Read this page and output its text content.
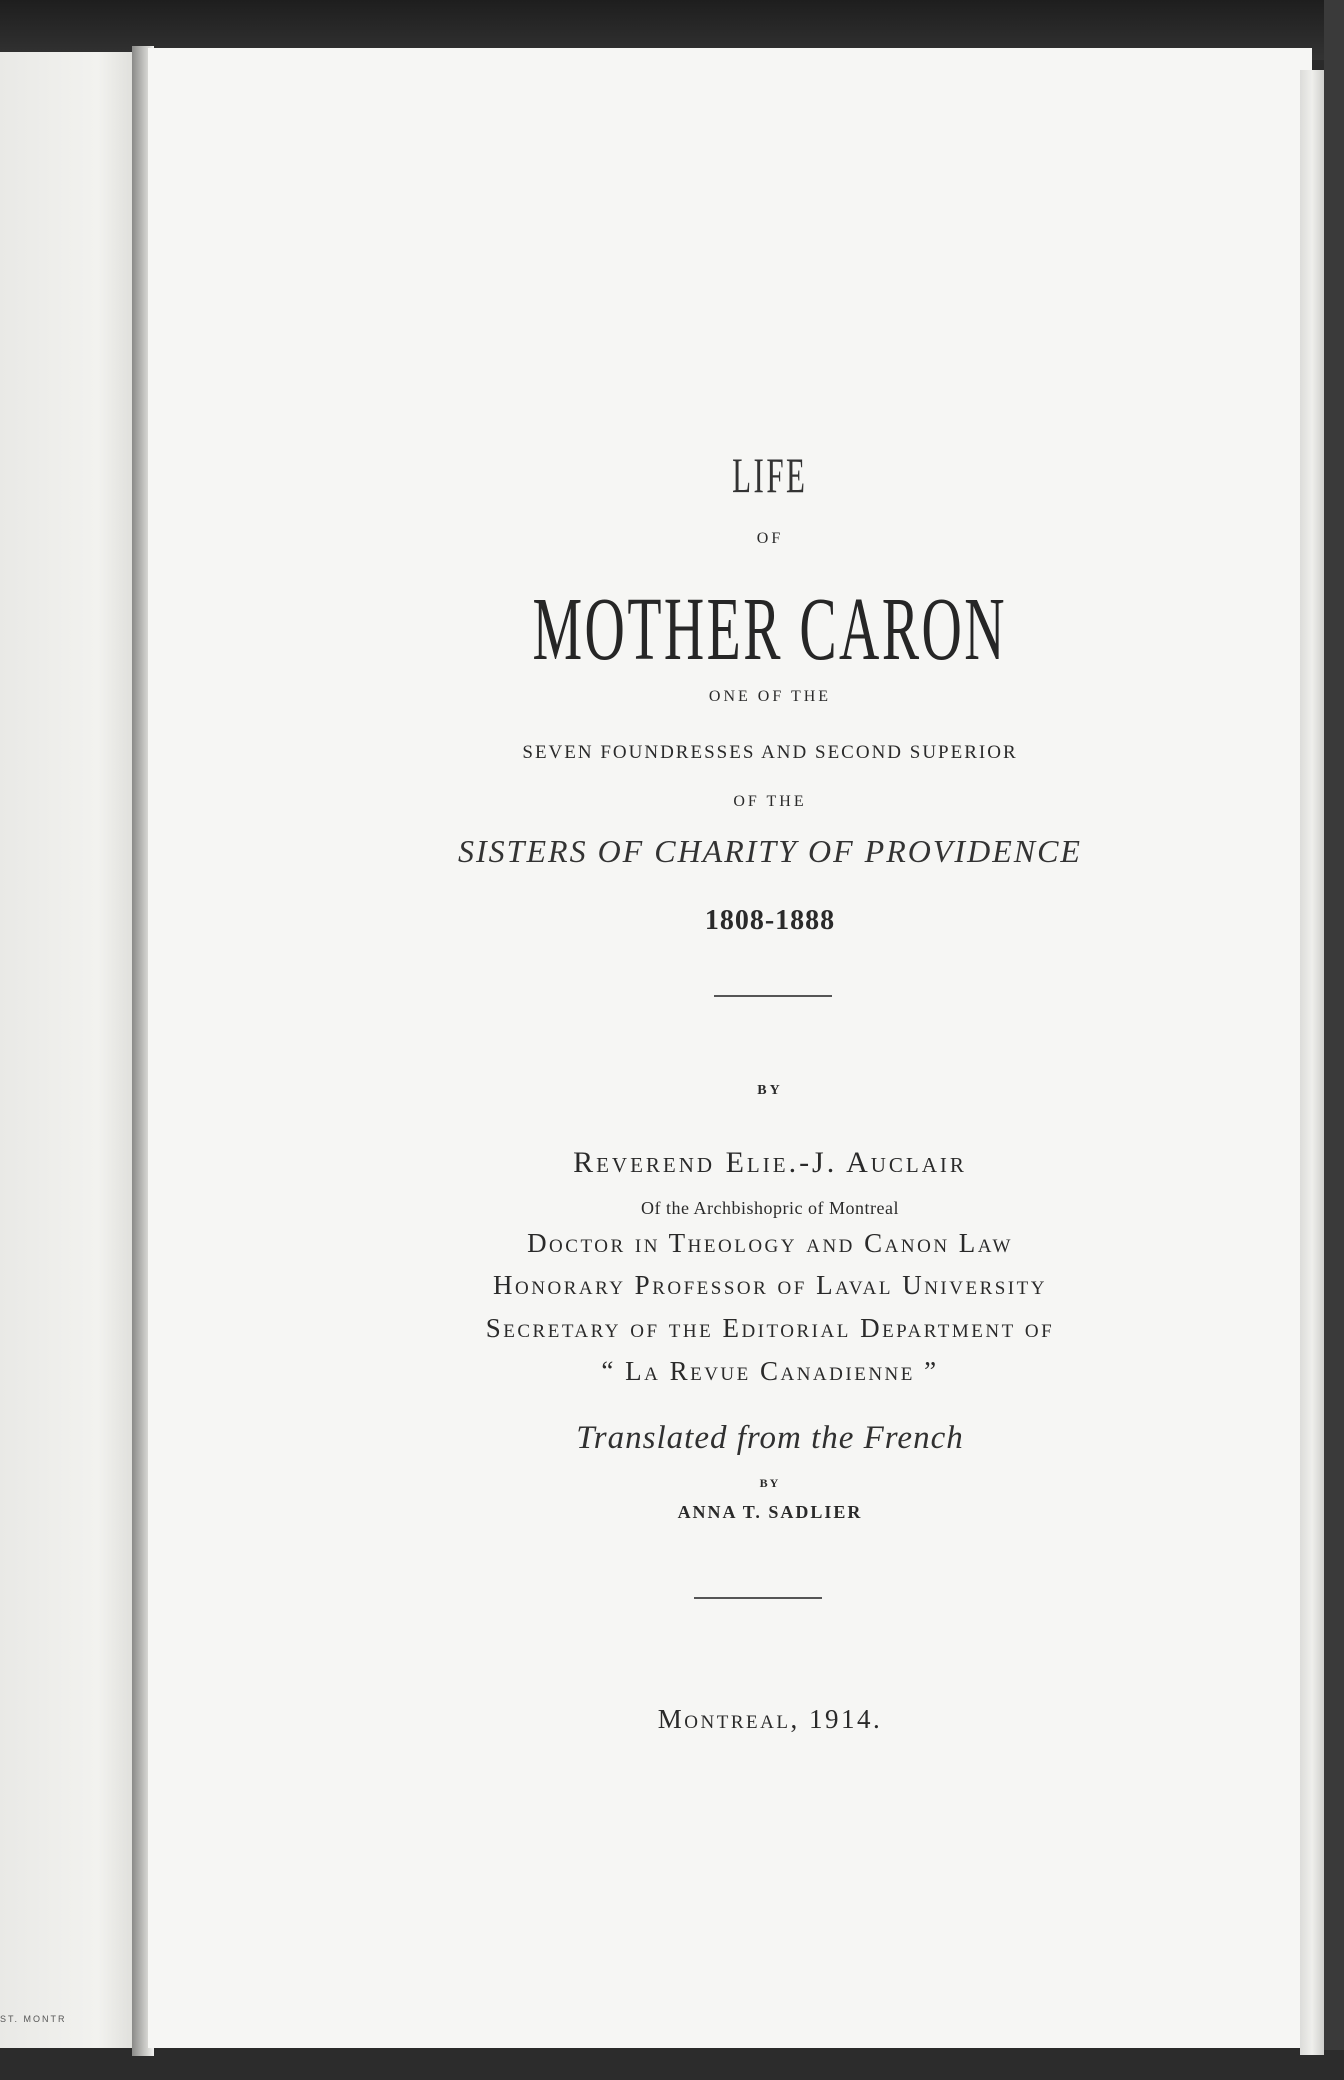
ST. MONTR

LIFE

OF

MOTHER CARON

ONE OF THE

SEVEN FOUNDRESSES AND SECOND SUPERIOR

OF THE

SISTERS OF CHARITY OF PROVIDENCE

1808-1888

BY

Reverend Elie.-J. Auclair

Of the Archbishopric of Montreal

Doctor in Theology and Canon Law

Honorary Professor of Laval University

Secretary of the Editorial Department of

“ La Revue Canadienne ”

Translated from the French

BY

ANNA T. SADLIER

Montreal, 1914.
